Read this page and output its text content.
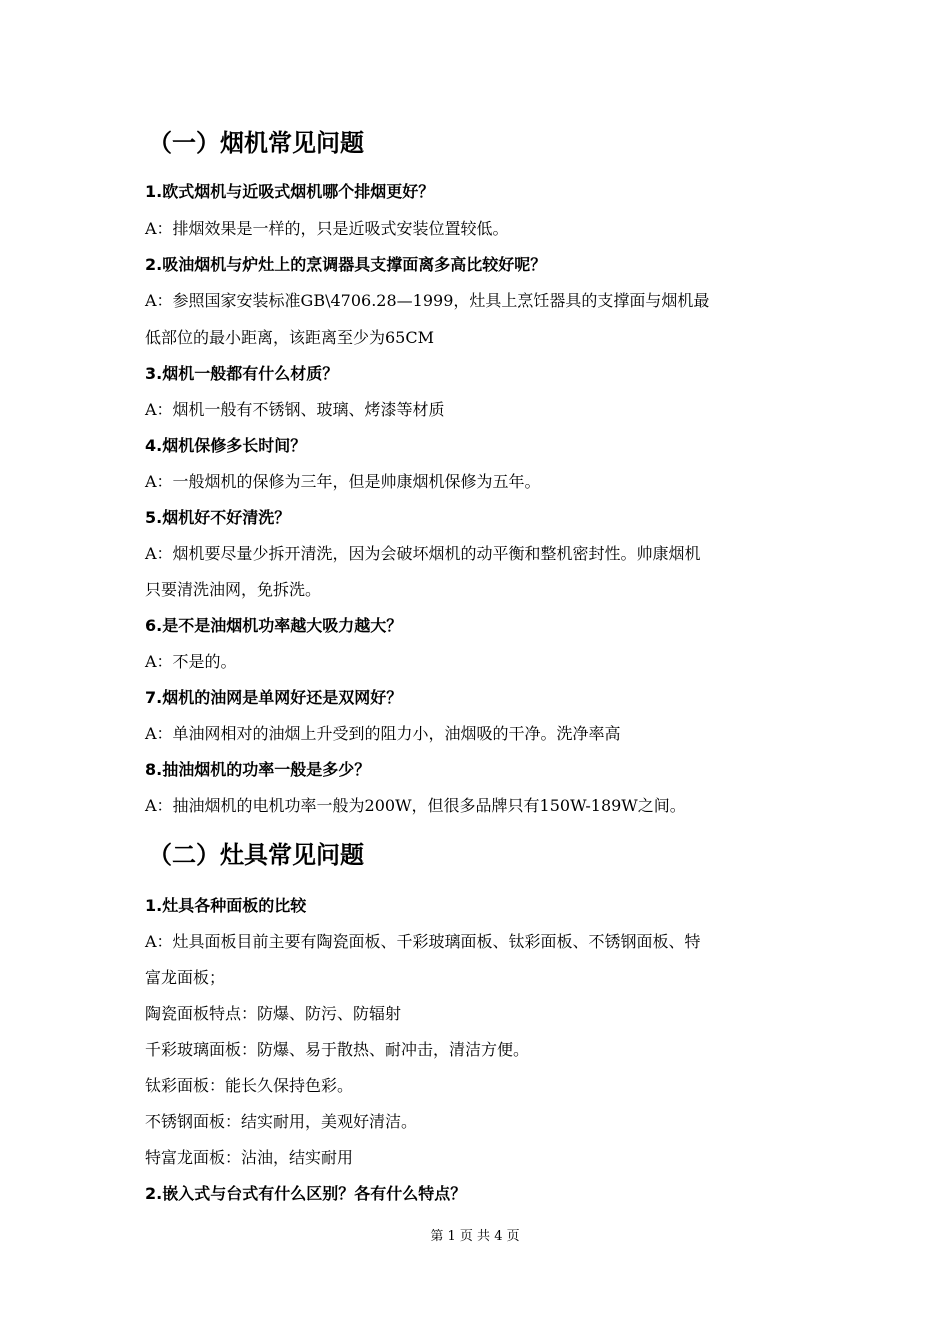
（一）烟机常见问题
1.欧式烟机与近吸式烟机哪个排烟更好？
A：排烟效果是一样的，只是近吸式安装位置较低。
2.吸油烟机与炉灶上的烹调器具支撑面离多高比较好呢？
A：参照国家安装标准GB\4706.28—1999，灶具上烹饪器具的支撑面与烟机最
低部位的最小距离，该距离至少为65CM
3.烟机一般都有什么材质？
A：烟机一般有不锈钢、玻璃、烤漆等材质
4.烟机保修多长时间？
A：一般烟机的保修为三年，但是帅康烟机保修为五年。
5.烟机好不好清洗？
A：烟机要尽量少拆开清洗，因为会破坏烟机的动平衡和整机密封性。帅康烟机
只要清洗油网，免拆洗。
6.是不是油烟机功率越大吸力越大？
A：不是的。
7.烟机的油网是单网好还是双网好？
A：单油网相对的油烟上升受到的阻力小，油烟吸的干净。洗净率高
8.抽油烟机的功率一般是多少？
A：抽油烟机的电机功率一般为200W，但很多品牌只有150W-189W之间。
（二）灶具常见问题
1.灶具各种面板的比较
A：灶具面板目前主要有陶瓷面板、千彩玻璃面板、钛彩面板、不锈钢面板、特
富龙面板；
陶瓷面板特点：防爆、防污、防辐射
千彩玻璃面板：防爆、易于散热、耐冲击，清洁方便。
钛彩面板：能长久保持色彩。
不锈钢面板：结实耐用，美观好清洁。
特富龙面板：沾油，结实耐用
2.嵌入式与台式有什么区别？各有什么特点？
第 1 页 共 4 页
